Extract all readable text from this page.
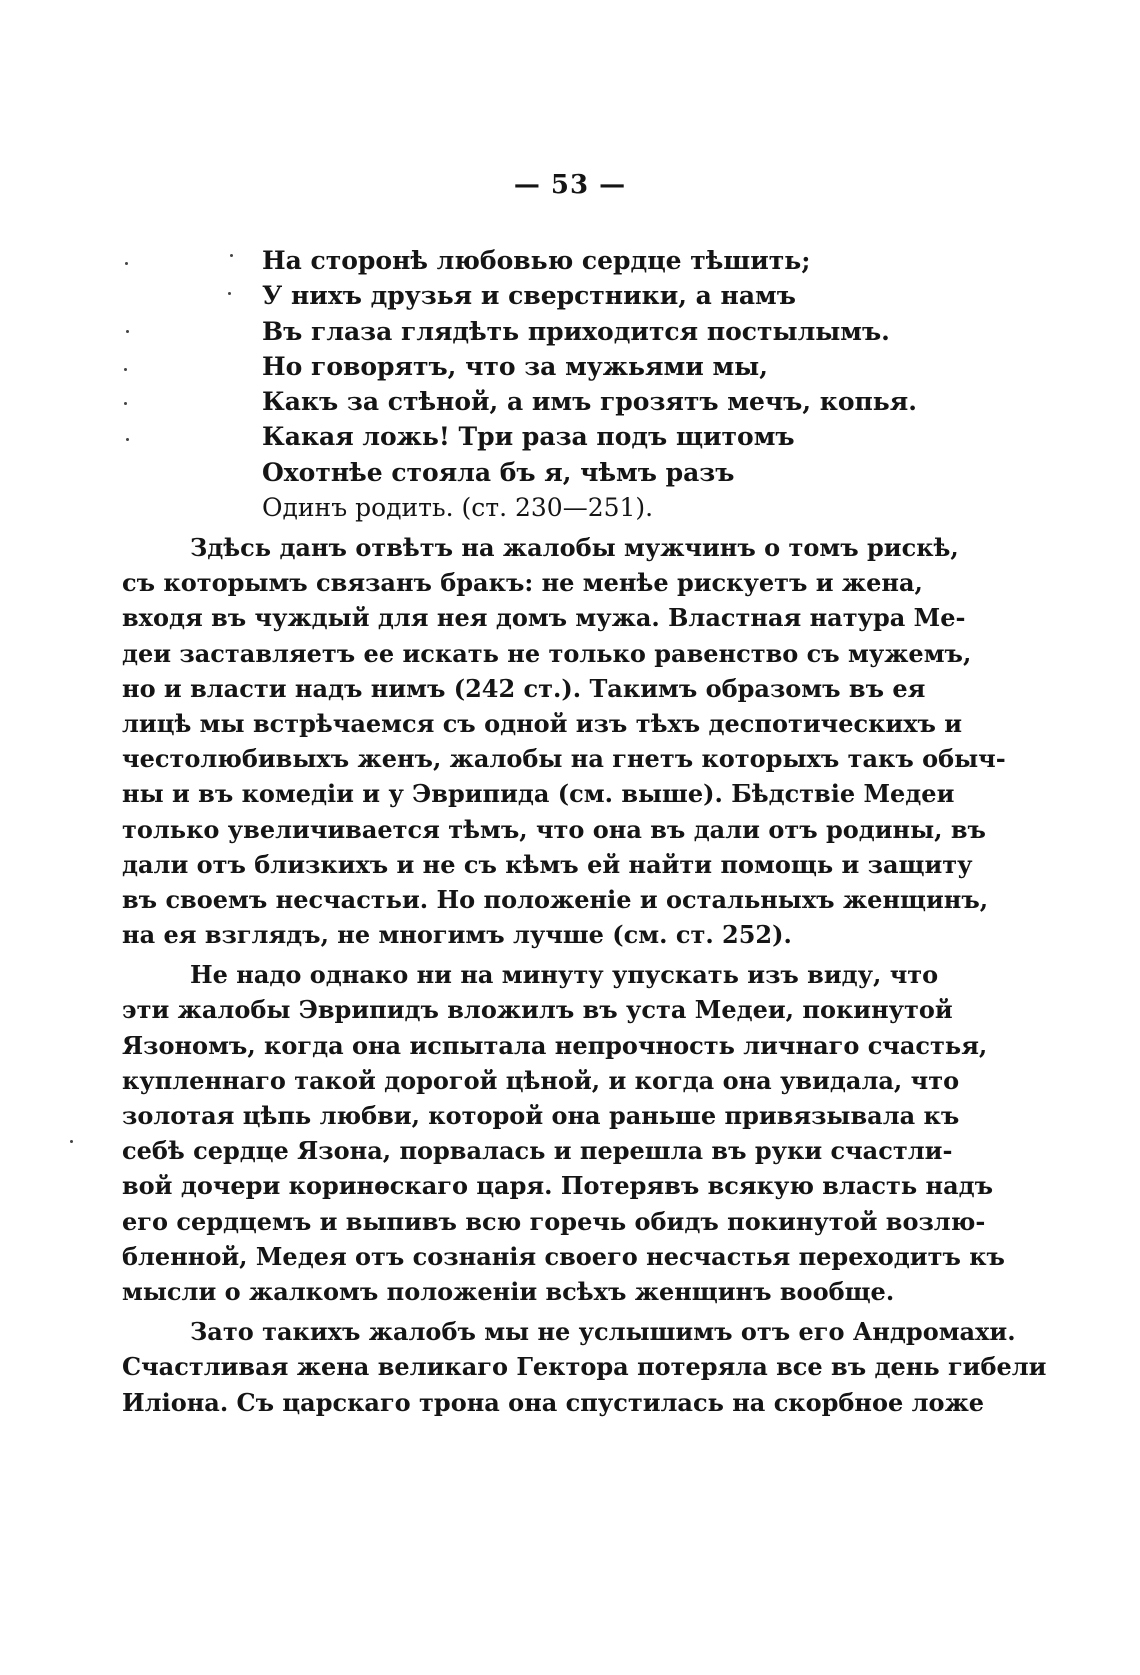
— 53 —
На сторонѣ любовью сердце тѣшить;
У нихъ друзья и сверстники, а намъ
Въ глаза глядѣть приходится постылымъ.
Но говорятъ, что за мужьями мы,
Какъ за стѣной, а имъ грозятъ мечъ, копья.
Какая ложь! Три раза подъ щитомъ
Охотнѣе стояла бъ я, чѣмъ разъ
Одинъ родить. (ст. 230—251).
Здѣсь данъ отвѣтъ на жалобы мужчинъ о томъ рискѣ,
съ которымъ связанъ бракъ: не менѣе рискуетъ и жена,
входя въ чуждый для нея домъ мужа. Властная натура Ме-
деи заставляетъ ее искать не только равенство съ мужемъ,
но и власти надъ нимъ (242 ст.). Такимъ образомъ въ ея
лицѣ мы встрѣчаемся съ одной изъ тѣхъ деспотическихъ и
честолюбивыхъ женъ, жалобы на гнетъ которыхъ такъ обыч-
ны и въ комедіи и у Эврипида (см. выше). Бѣдствіе Медеи
только увеличивается тѣмъ, что она въ дали отъ родины, въ
дали отъ близкихъ и не съ кѣмъ ей найти помощь и защиту
въ своемъ несчастьи. Но положеніе и остальныхъ женщинъ,
на ея взглядъ, не многимъ лучше (см. ст. 252).
Не надо однако ни на минуту упускать изъ виду, что
эти жалобы Эврипидъ вложилъ въ уста Медеи, покинутой
Язономъ, когда она испытала непрочность личнаго счастья,
купленнаго такой дорогой цѣной, и когда она увидала, что
золотая цѣпь любви, которой она раньше привязывала къ
себѣ сердце Язона, порвалась и перешла въ руки счастли-
вой дочери коринѳскаго царя. Потерявъ всякую власть надъ
его сердцемъ и выпивъ всю горечь обидъ покинутой возлю-
бленной, Медея отъ сознанія своего несчастья переходитъ къ
мысли о жалкомъ положеніи всѣхъ женщинъ вообще.
Зато такихъ жалобъ мы не услышимъ отъ его Андромахи.
Счастливая жена великаго Гектора потеряла все въ день гибели
Иліона. Съ царскаго трона она спустилась на скорбное ложе
